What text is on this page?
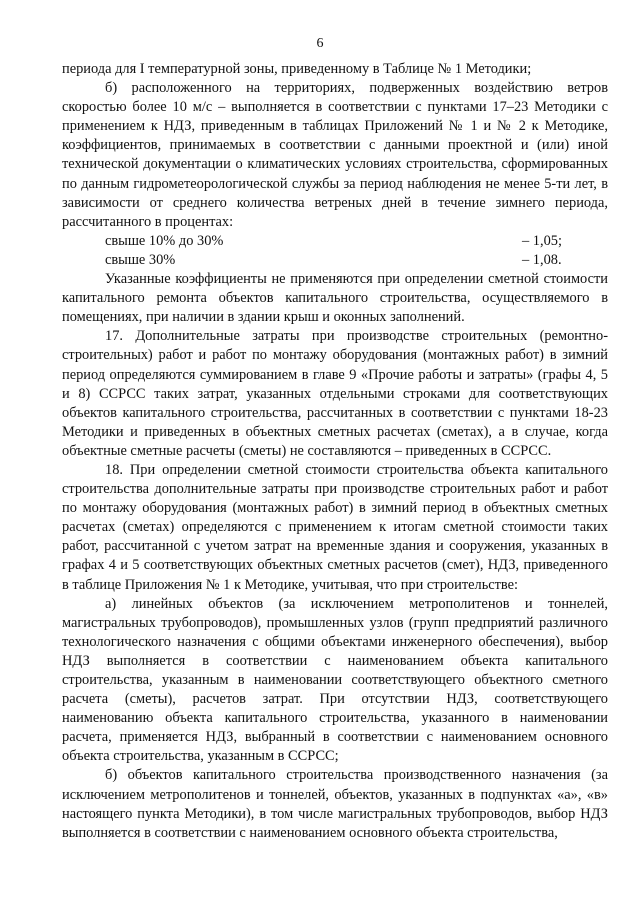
6

периода для I температурной зоны, приведенному в Таблице № 1 Методики;

б) расположенного на территориях, подверженных воздействию ветров скоростью более 10 м/с – выполняется в соответствии с пунктами 17–23 Методики с применением к НДЗ, приведенным в таблицах Приложений № 1 и № 2 к Методике, коэффициентов, принимаемых в соответствии с данными проектной и (или) иной технической документации о климатических условиях строительства, сформированных по данным гидрометеорологической службы за период наблюдения не менее 5-ти лет, в зависимости от среднего количества ветреных дней в течение зимнего периода, рассчитанного в процентах:

свыше 10% до 30%	– 1,05;
свыше 30%	– 1,08.

Указанные коэффициенты не применяются при определении сметной стоимости капитального ремонта объектов капитального строительства, осуществляемого в помещениях, при наличии в здании крыш и оконных заполнений.

17. Дополнительные затраты при производстве строительных (ремонтно-строительных) работ и работ по монтажу оборудования (монтажных работ) в зимний период определяются суммированием в главе 9 «Прочие работы и затраты» (графы 4, 5 и 8) ССРСС таких затрат, указанных отдельными строками для соответствующих объектов капитального строительства, рассчитанных в соответствии с пунктами 18-23 Методики и приведенных в объектных сметных расчетах (сметах), а в случае, когда объектные сметные расчеты (сметы) не составляются – приведенных в ССРСС.

18. При определении сметной стоимости строительства объекта капитального строительства дополнительные затраты при производстве строительных работ и работ по монтажу оборудования (монтажных работ) в зимний период в объектных сметных расчетах (сметах) определяются с применением к итогам сметной стоимости таких работ, рассчитанной с учетом затрат на временные здания и сооружения, указанных в графах 4 и 5 соответствующих объектных сметных расчетов (смет), НДЗ, приведенного в таблице Приложения № 1 к Методике, учитывая, что при строительстве:

а) линейных объектов (за исключением метрополитенов и тоннелей, магистральных трубопроводов), промышленных узлов (групп предприятий различного технологического назначения с общими объектами инженерного обеспечения), выбор НДЗ выполняется в соответствии с наименованием объекта капитального строительства, указанным в наименовании соответствующего объектного сметного расчета (сметы), расчетов затрат. При отсутствии НДЗ, соответствующего наименованию объекта капитального строительства, указанного в наименовании расчета, применяется НДЗ, выбранный в соответствии с наименованием основного объекта строительства, указанным в ССРСС;

б) объектов капитального строительства производственного назначения (за исключением метрополитенов и тоннелей, объектов, указанных в подпунктах «а», «в» настоящего пункта Методики), в том числе магистральных трубопроводов, выбор НДЗ выполняется в соответствии с наименованием основного объекта строительства,
